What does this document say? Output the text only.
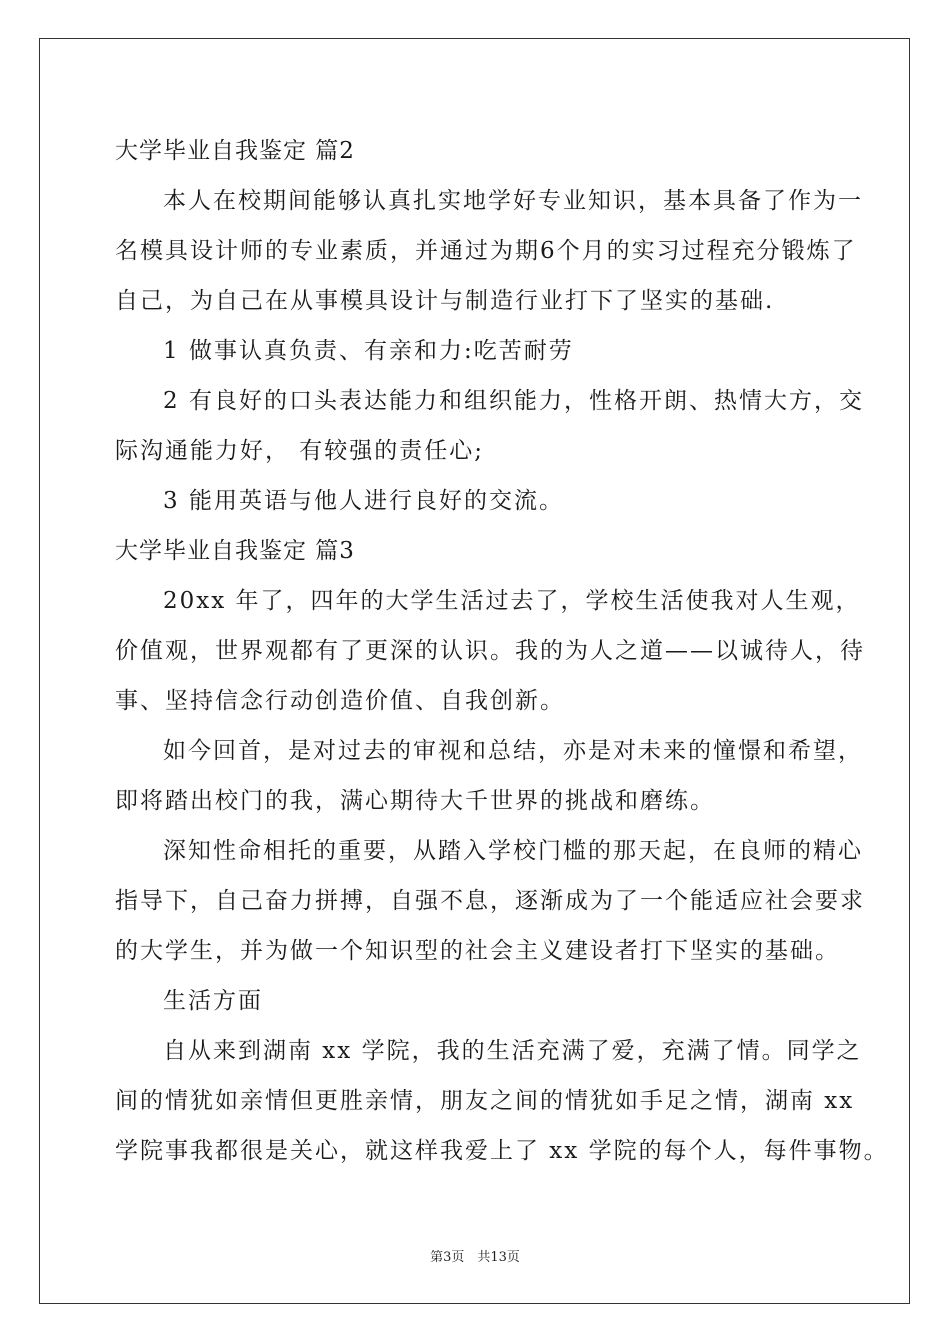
大学毕业自我鉴定 篇2
本人在校期间能够认真扎实地学好专业知识，基本具备了作为一
名模具设计师的专业素质，并通过为期6个月的实习过程充分锻炼了
自己，为自己在从事模具设计与制造行业打下了坚实的基础.
1 做事认真负责、有亲和力:吃苦耐劳
2 有良好的口头表达能力和组织能力，性格开朗、热情大方，交
际沟通能力好， 有较强的责任心;
3 能用英语与他人进行良好的交流。
大学毕业自我鉴定 篇3
20xx 年了，四年的大学生活过去了，学校生活使我对人生观，
价值观，世界观都有了更深的认识。我的为人之道——以诚待人，待
事、坚持信念行动创造价值、自我创新。
如今回首，是对过去的审视和总结，亦是对未来的憧憬和希望，
即将踏出校门的我，满心期待大千世界的挑战和磨练。
深知性命相托的重要，从踏入学校门槛的那天起，在良师的精心
指导下，自己奋力拼搏，自强不息，逐渐成为了一个能适应社会要求
的大学生，并为做一个知识型的社会主义建设者打下坚实的基础。
生活方面
自从来到湖南 xx 学院，我的生活充满了爱，充满了情。同学之
间的情犹如亲情但更胜亲情，朋友之间的情犹如手足之情，湖南 xx
学院事我都很是关心，就这样我爱上了 xx 学院的每个人，每件事物。
第3页　共13页
